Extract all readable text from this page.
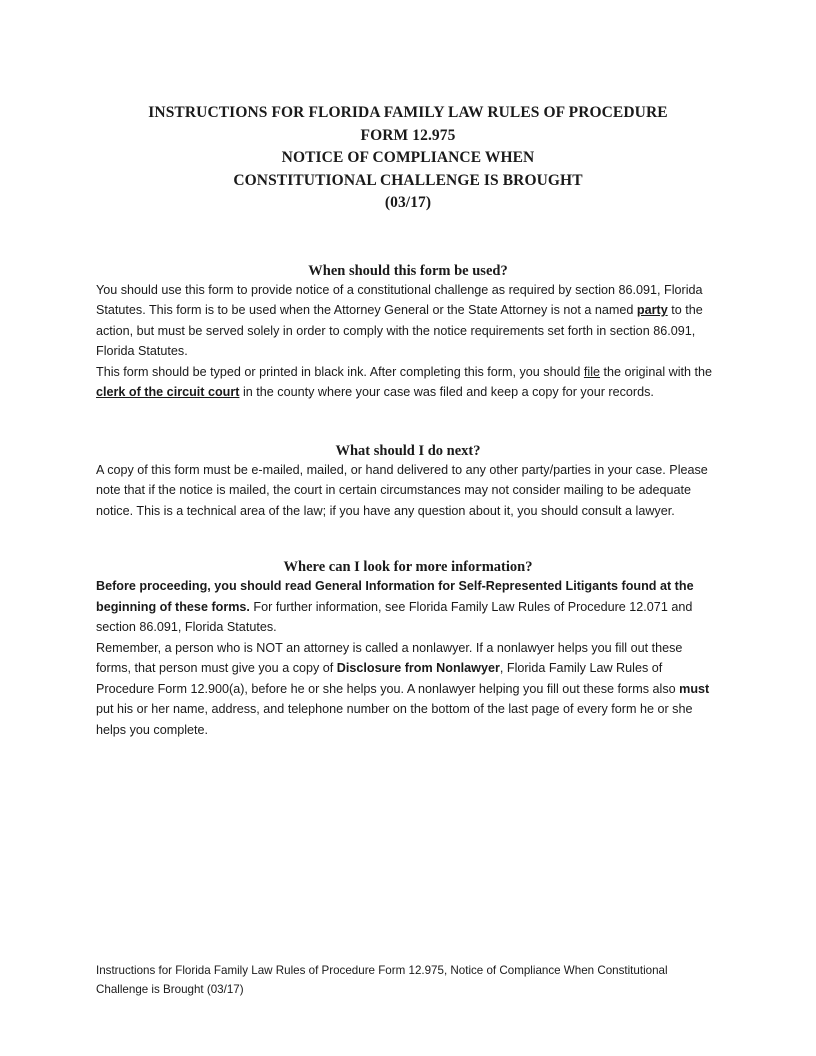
INSTRUCTIONS FOR FLORIDA FAMILY LAW RULES OF PROCEDURE
FORM 12.975
NOTICE OF COMPLIANCE WHEN
CONSTITUTIONAL CHALLENGE IS BROUGHT
(03/17)
When should this form be used?

You should use this form to provide notice of a constitutional challenge as required by section 86.091, Florida Statutes. This form is to be used when the Attorney General or the State Attorney is not a named party to the action, but must be served solely in order to comply with the notice requirements set forth in section 86.091, Florida Statutes.

This form should be typed or printed in black ink. After completing this form, you should file the original with the clerk of the circuit court in the county where your case was filed and keep a copy for your records.

What should I do next?

A copy of this form must be e-mailed, mailed, or hand delivered to any other party/parties in your case. Please note that if the notice is mailed, the court in certain circumstances may not consider mailing to be adequate notice. This is a technical area of the law; if you have any question about it, you should consult a lawyer.

Where can I look for more information?

Before proceeding, you should read General Information for Self-Represented Litigants found at the beginning of these forms. For further information, see Florida Family Law Rules of Procedure 12.071 and section 86.091, Florida Statutes.

Remember, a person who is NOT an attorney is called a nonlawyer. If a nonlawyer helps you fill out these forms, that person must give you a copy of Disclosure from Nonlawyer, Florida Family Law Rules of Procedure Form 12.900(a), before he or she helps you. A nonlawyer helping you fill out these forms also must put his or her name, address, and telephone number on the bottom of the last page of every form he or she helps you complete.

Instructions for Florida Family Law Rules of Procedure Form 12.975, Notice of Compliance When Constitutional
Challenge is Brought (03/17)
